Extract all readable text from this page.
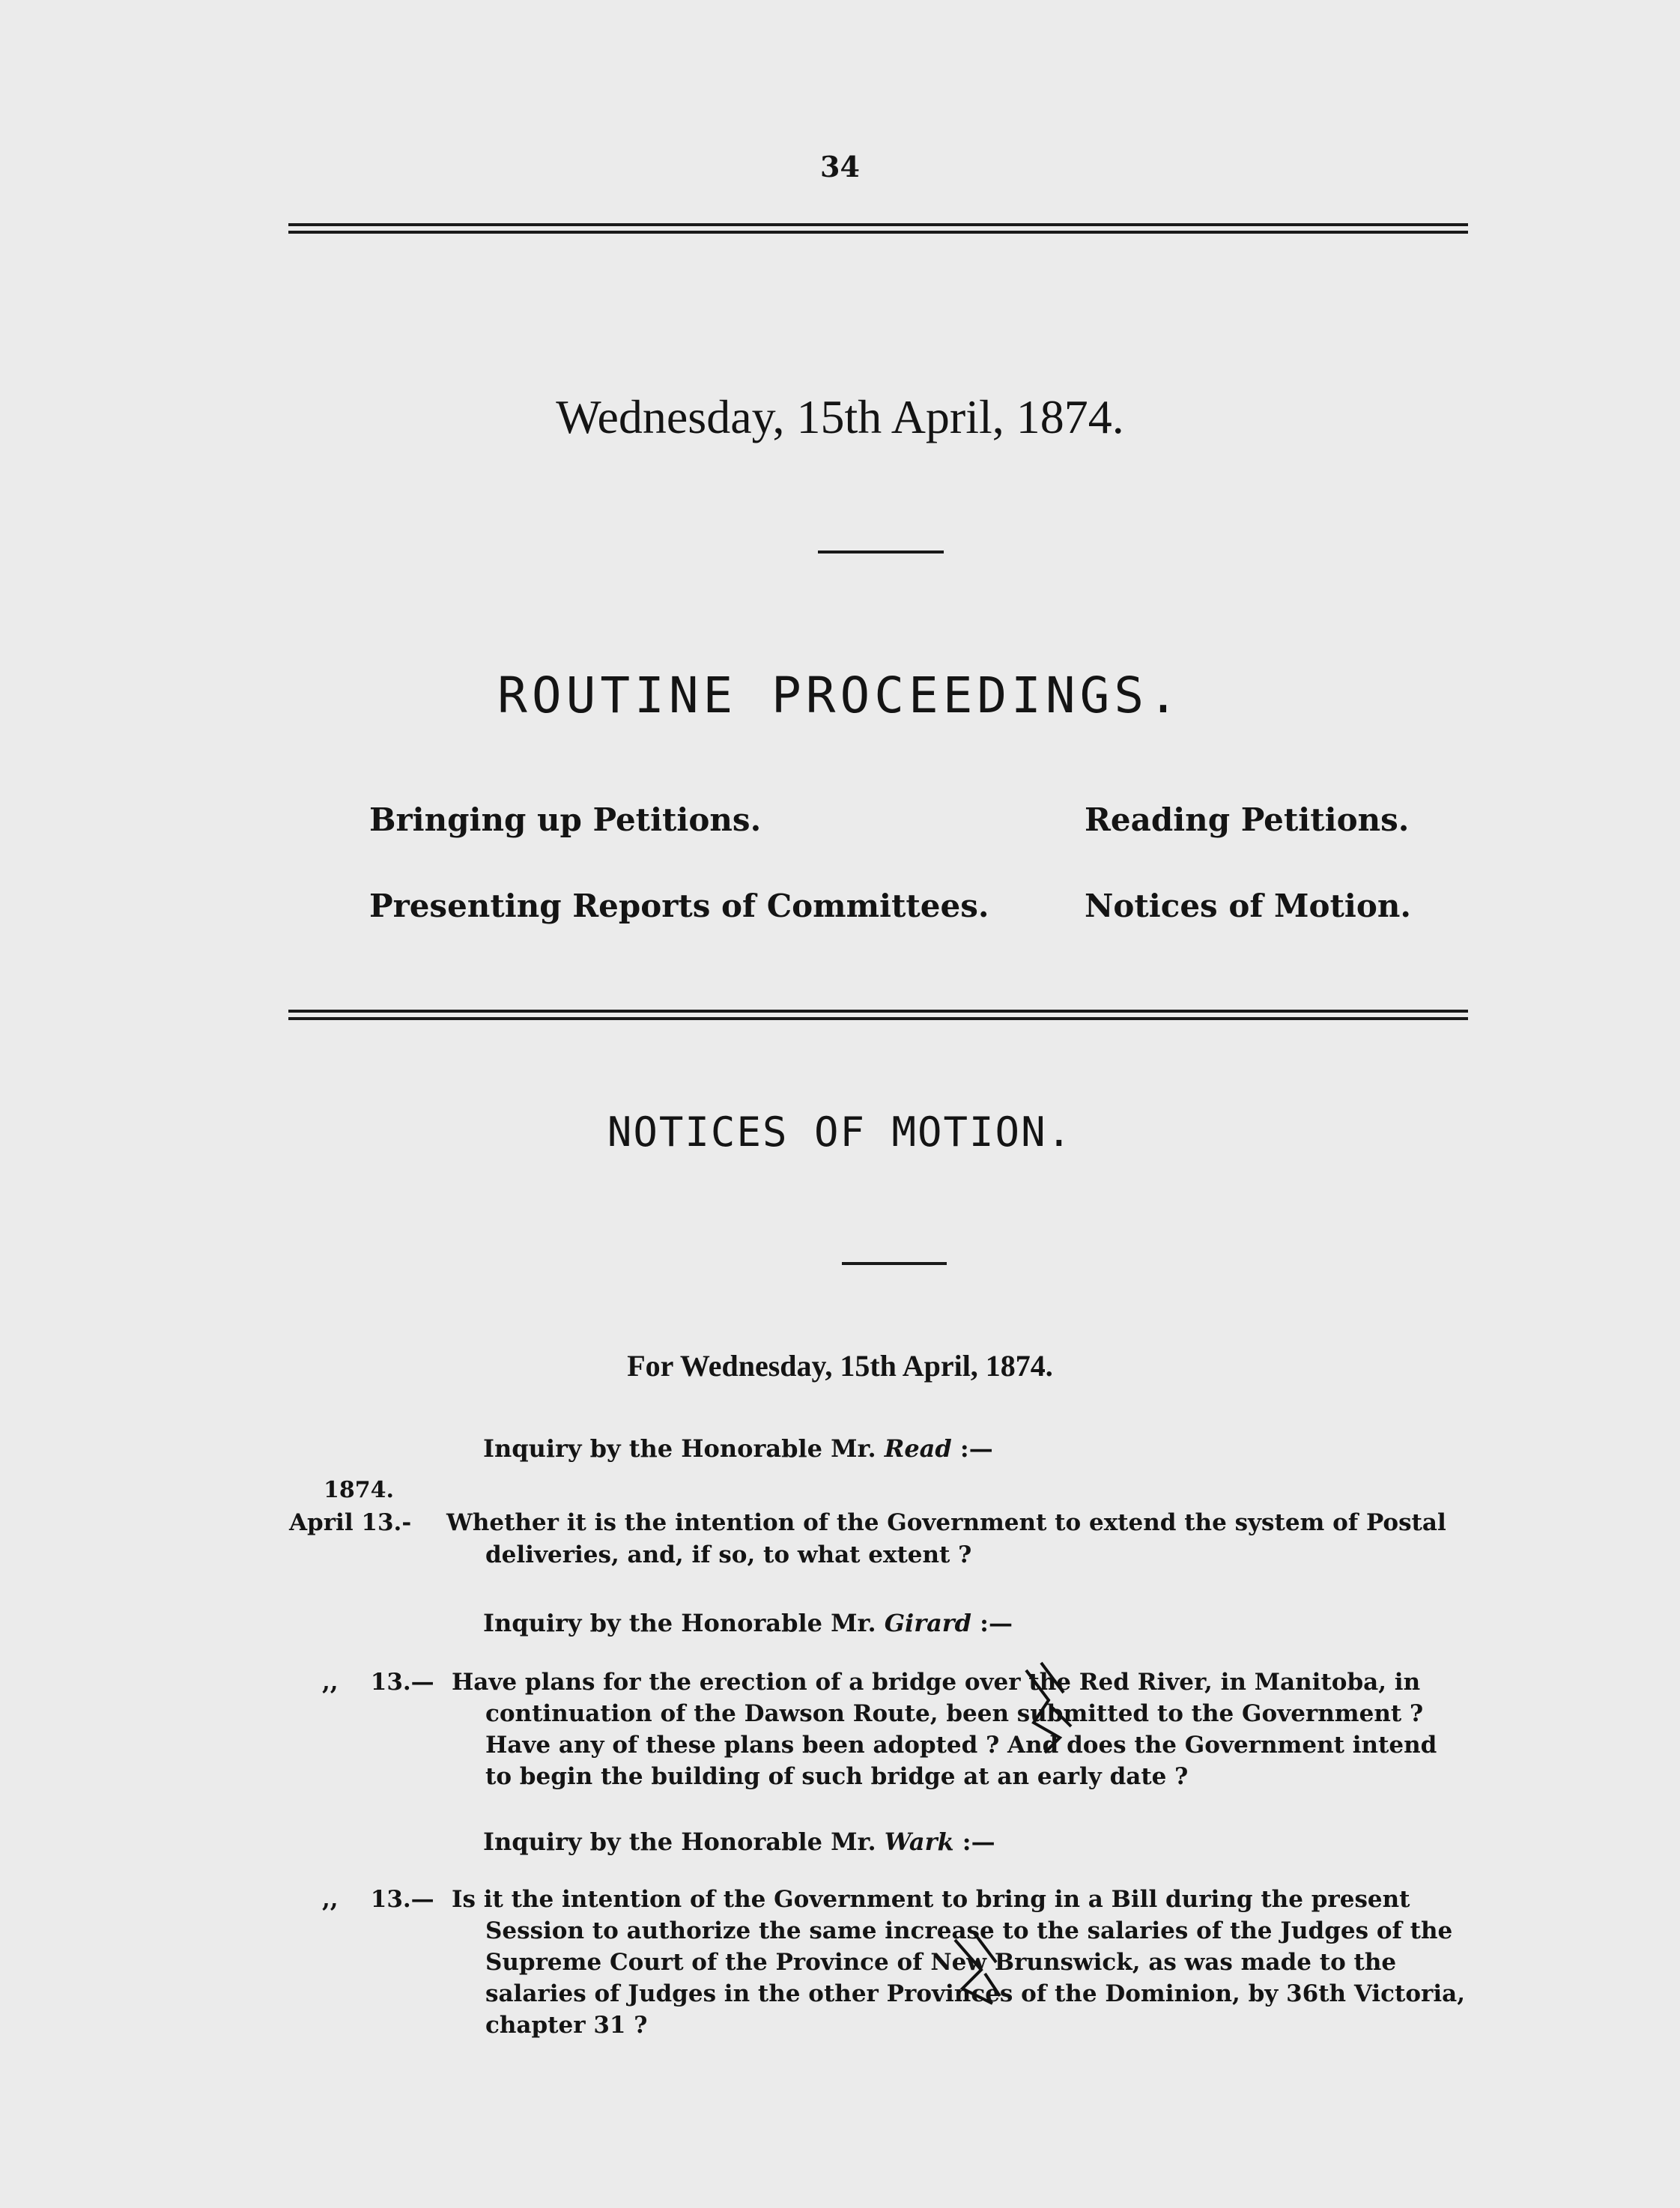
34
Wednesday, 15th April, 1874.
ROUTINE PROCEEDINGS.
Bringing up Petitions.	Reading Petitions.
Presenting Reports of Committees.	Notices of Motion.
NOTICES OF MOTION.
For Wednesday, 15th April, 1874.
Inquiry by the Honorable Mr. Read :—
1874.
April 13.- Whether it is the intention of the Government to extend the system of Postal
deliveries, and, if so, to what extent ?
Inquiry by the Honorable Mr. Girard :—
,,    13.— Have plans for the erection of a bridge over the Red River, in Manitoba, in
continuation of the Dawson Route, been submitted to the Government ?
Have any of these plans been adopted ? And does the Government intend
to begin the building of such bridge at an early date ?
Inquiry by the Honorable Mr. Wark :—
,,    13.— Is it the intention of the Government to bring in a Bill during the present
Session to authorize the same increase to the salaries of the Judges of the
Supreme Court of the Province of New Brunswick, as was made to the
salaries of Judges in the other Provinces of the Dominion, by 36th Victoria,
chapter 31 ?
